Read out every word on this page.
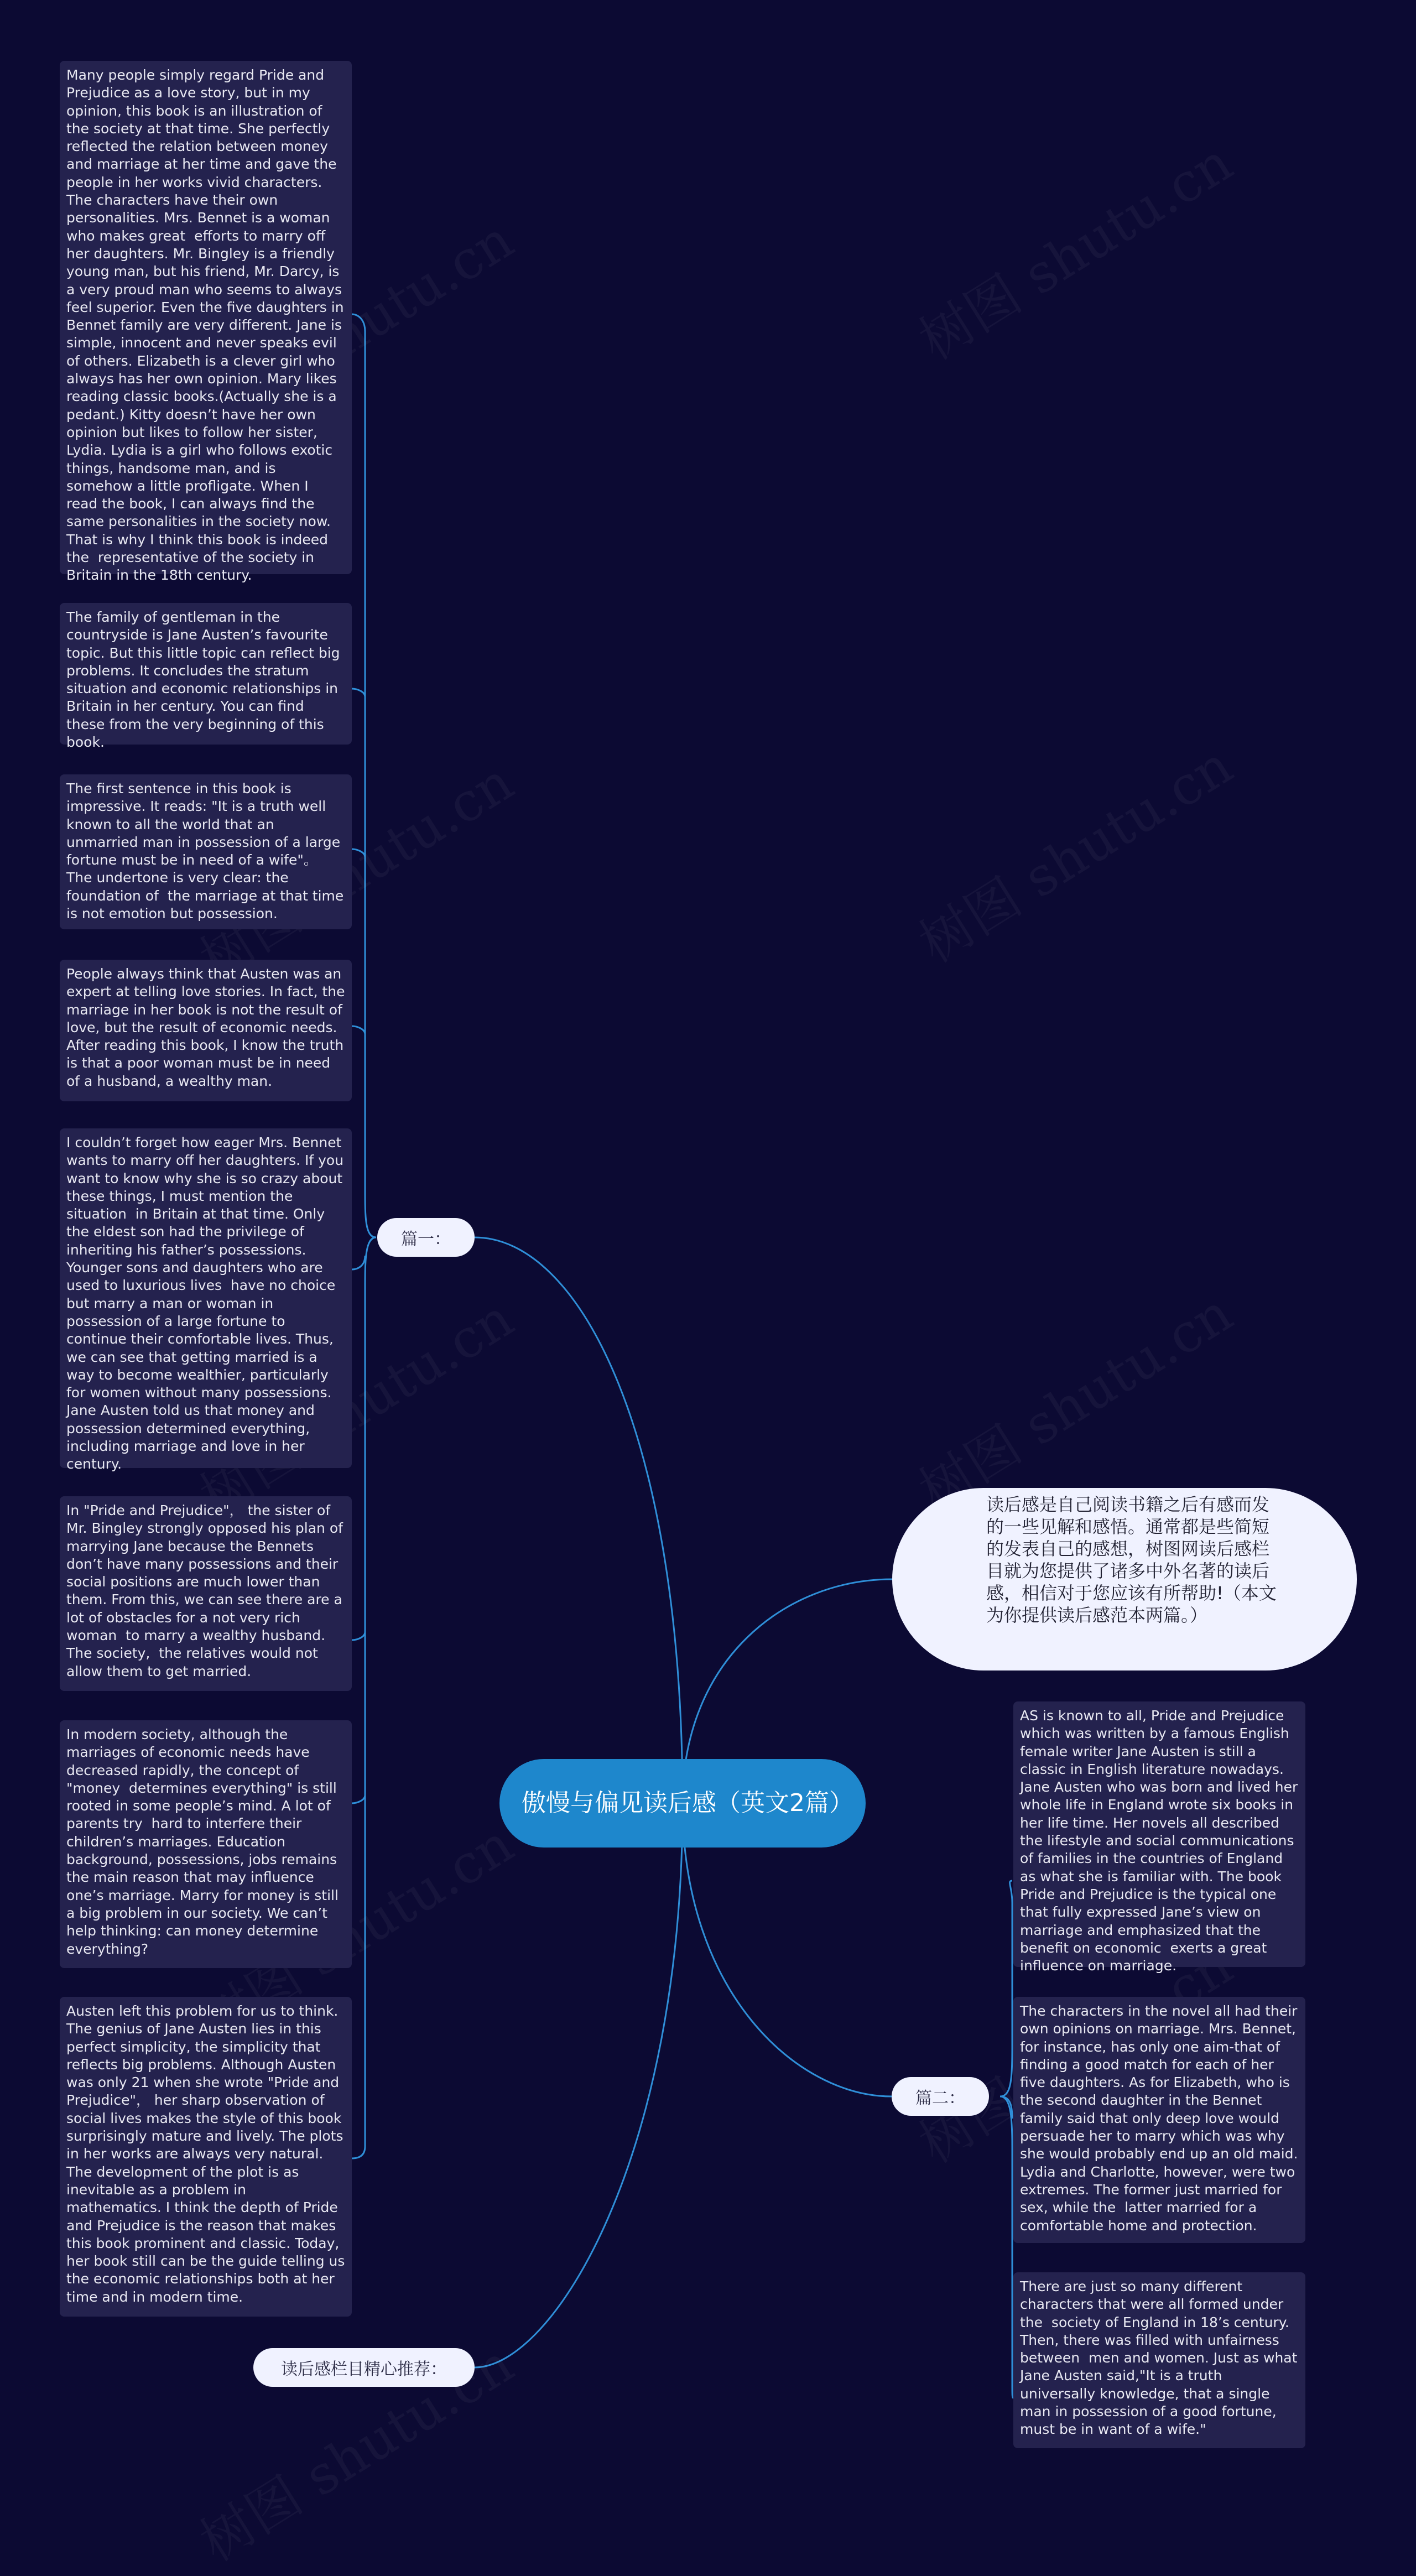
傲慢与偏见读后感（英文2篇）
读后感是自己阅读书籍之后有感而发的一些见解和感悟。通常都是些简短的发表自己的感想，树图网读后感栏目就为您提供了诸多中外名著的读后感，相信对于您应该有所帮助!（本文为你提供读后感范本两篇。）
篇一：
篇二：
读后感栏目精心推荐：
Many people simply regard Pride and Prejudice as a love story, but in my opinion, this book is an illustration of the society at that time. She perfectly reflected the relation between money and marriage at her time and gave the people in her works vivid characters. The characters have their own personalities. Mrs. Bennet is a woman who makes great  efforts to marry off her daughters. Mr. Bingley is a friendly young man, but his friend, Mr. Darcy, is a very proud man who seems to always feel superior. Even the five daughters in Bennet family are very different. Jane is simple, innocent and never speaks evil of others. Elizabeth is a clever girl who always has her own opinion. Mary likes reading classic books.(Actually she is a pedant.) Kitty doesn’t have her own opinion but likes to follow her sister, Lydia. Lydia is a girl who follows exotic things, handsome man, and is somehow a little profligate. When I  read the book, I can always find the same personalities in the society now. That is why I think this book is indeed the  representative of the society in Britain in the 18th century.
The family of gentleman in the countryside is Jane Austen’s favourite topic. But this little topic can reflect big problems. It concludes the stratum situation and economic relationships in Britain in her century. You can find these from the very beginning of this book.
The first sentence in this book is impressive. It reads: "It is a truth well known to all the world that an unmarried man in possession of a large fortune must be in need of a wife"。 The undertone is very clear: the foundation of  the marriage at that time is not emotion but possession.
People always think that Austen was an expert at telling love stories. In fact, the marriage in her book is not the result of love, but the result of economic needs. After reading this book, I know the truth is that a poor woman must be in need of a husband, a wealthy man.
I couldn’t forget how eager Mrs. Bennet  wants to marry off her daughters. If you want to know why she is so crazy about these things, I must mention the situation  in Britain at that time. Only the eldest son had the privilege of inheriting his father’s possessions. Younger sons and daughters who are used to luxurious lives  have no choice but marry a man or woman in possession of a large fortune to continue their comfortable lives. Thus, we can see that getting married is a way to become wealthier, particularly for women without many possessions. Jane Austen told us that money and possession determined everything, including marriage and love in her century.
In "Pride and Prejudice"， the sister of Mr. Bingley strongly opposed his plan of marrying Jane because the Bennets don’t have many possessions and their social positions are much lower than them. From this, we can see there are a lot of obstacles for a not very rich woman  to marry a wealthy husband. The society,  the relatives would not allow them to get married.
In modern society, although the marriages of economic needs have decreased rapidly, the concept of "money  determines everything" is still rooted in some people’s mind. A lot of parents try  hard to interfere their children’s marriages. Education background, possessions, jobs remains the main reason that may influence one’s marriage. Marry for money is still a big problem in our society. We can’t help thinking: can money determine everything?
Austen left this problem for us to think. The genius of Jane Austen lies in this perfect simplicity, the simplicity that reflects big problems. Although Austen was only 21 when she wrote "Pride and Prejudice"， her sharp observation of social lives makes the style of this book surprisingly mature and lively. The plots in her works are always very natural. The development of the plot is as inevitable as a problem in mathematics. I think the depth of Pride and Prejudice is the reason that makes this book prominent and classic. Today, her book still can be the guide telling us the economic relationships both at her time and in modern time.
AS is known to all, Pride and Prejudice which was written by a famous English female writer Jane Austen is still a classic in English literature nowadays. Jane Austen who was born and lived her whole life in England wrote six books in her life time. Her novels all described the lifestyle and social communications of families in the countries of England as what she is familiar with. The book Pride and Prejudice is the typical one that fully expressed Jane’s view on marriage and emphasized that the benefit on economic  exerts a great influence on marriage.
The characters in the novel all had their own opinions on marriage. Mrs. Bennet, for instance, has only one aim-that of finding a good match for each of her five daughters. As for Elizabeth, who is the second daughter in the Bennet family said that only deep love would persuade her to marry which was why she would probably end up an old maid. Lydia and Charlotte, however, were two extremes. The former just married for sex, while the  latter married for a comfortable home and protection.
There are just so many different characters that were all formed under the  society of England in 18’s century. Then, there was filled with unfairness between  men and women. Just as what Jane Austen said,"It is a truth universally knowledge, that a single man in possession of a good fortune, must be in want of a wife."
